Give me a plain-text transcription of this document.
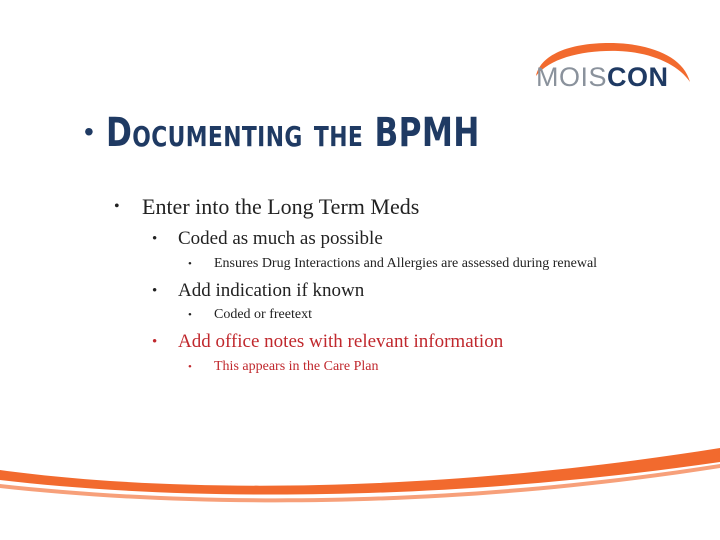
MOISCON
• Documenting the BPMH
• Enter into the Long Term Meds
• Coded as much as possible
• Ensures Drug Interactions and Allergies are assessed during renewal
• Add indication if known
• Coded or freetext
• Add office notes with relevant information
• This appears in the Care Plan
